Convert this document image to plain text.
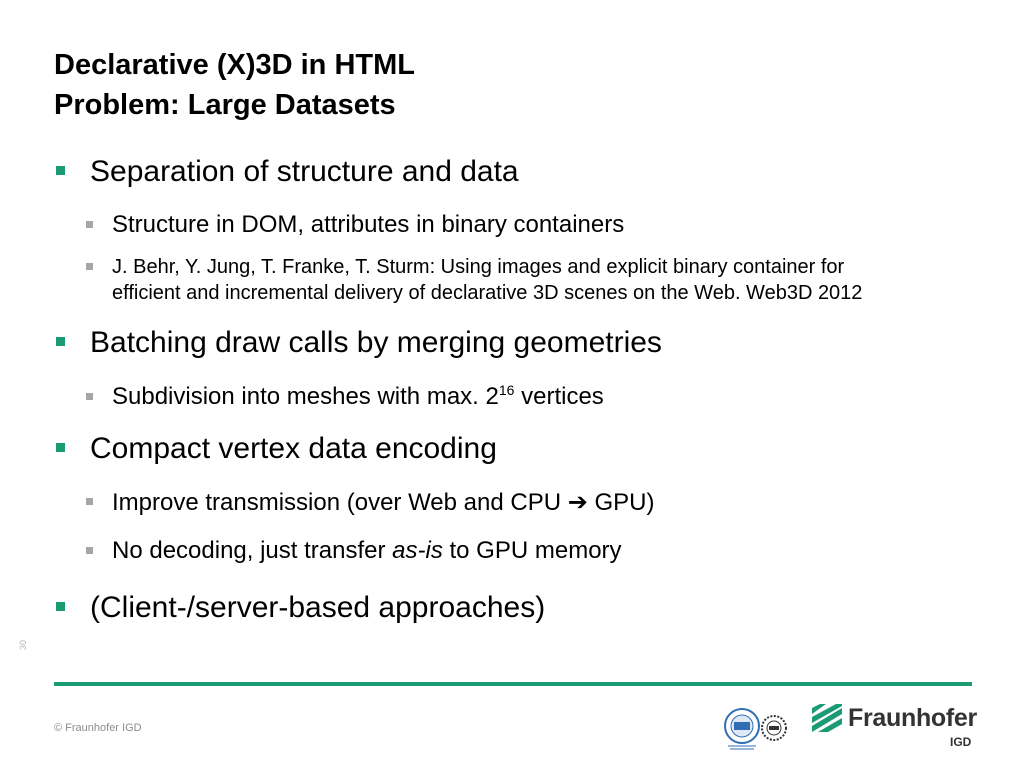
Declarative (X)3D in HTML
Problem: Large Datasets
Separation of structure and data
Structure in DOM, attributes in binary containers
J. Behr, Y. Jung, T. Franke, T. Sturm: Using images and explicit binary container for
efficient and incremental delivery of declarative 3D scenes on the Web. Web3D 2012
Batching draw calls by merging geometries
Subdivision into meshes with max. $2^{16}$ vertices
Compact vertex data encoding
Improve transmission (over Web and CPU ➔ GPU)
No decoding, just transfer as-is to GPU memory
(Client-/server-based approaches)
30
© Fraunhofer IGD	Fraunhofer
IGD
